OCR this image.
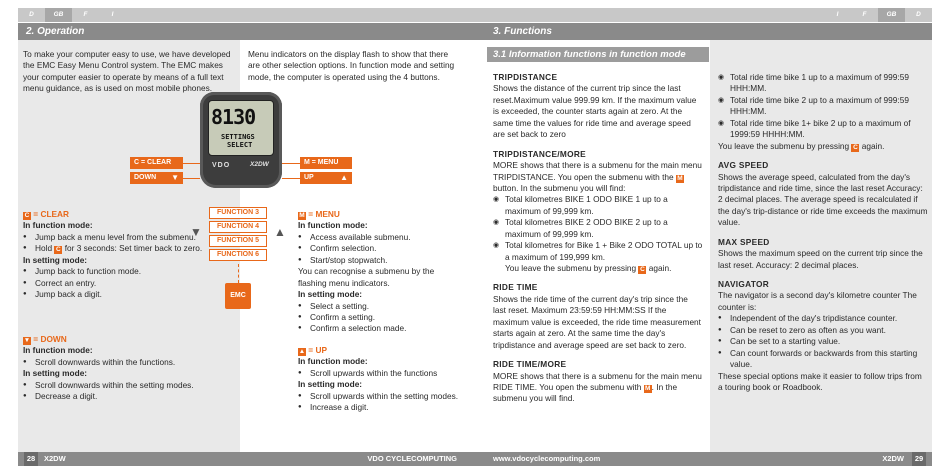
D	GB	F	I
2. Operation
To make your computer easy to use, we have developed the EMC Easy Menu Control system. The EMC makes your computer easier to operate by means of a full text menu guidance, as is used on most mobile phones.
Menu indicators on the display flash to show that there are other selection options. In function mode and setting mode, the computer is operated using the 4 buttons.
8130
SETTINGS
SELECT
VDO	X2DW
C = CLEAR
DOWN ▼
M = MENU
UP	▲
FUNCTION 3
FUNCTION 4
FUNCTION 5
FUNCTION 6
▼	▲
EMC
C = CLEAR
In function mode:
● Jump back a menu level from the submenu.
● Hold C for 3 seconds: Set timer back to zero.
In setting mode:
● Jump back to function mode.
● Correct an entry.
● Jump back a digit.
▼ = DOWN
In function mode:
● Scroll downwards within the functions.
In setting mode:
● Scroll downwards within the setting modes.
● Decrease a digit.
M = MENU
In function mode:
● Access available submenu.
● Confirm selection.
● Start/stop stopwatch.
You can recognise a submenu by the flashing menu indicators.
In setting mode:
● Select a setting.
● Confirm a setting.
● Confirm a selection made.
▲ = UP
In function mode:
● Scroll upwards within the functions
In setting mode:
● Scroll upwards within the setting modes.
● Increase a digit.
28	X2DW	VDO CYCLECOMPUTING
I	F	GB	D
3. Functions
3.1 Information functions in function mode
TRIPDISTANCE
Shows the distance of the current trip since the last reset.Maximum value 999.99 km. If the maximum value is exceeded, the counter starts again at zero. At the same time the values for ride time and average speed are set back to zero
TRIPDISTANCE/MORE
MORE shows that there is a submenu for the main menu TRIPDISTANCE. You open the submenu with the M button. In the submenu you will find:
◉ Total kilometres BIKE 1 ODO BIKE 1 up to a maximum of 99,999 km.
◉ Total kilometres BIKE 2 ODO BIKE 2 up to a maximum of 99,999 km.
◉ Total kilometres for Bike 1 + Bike 2 ODO TOTAL up to a maximum of 199,999 km.
You leave the submenu by pressing C again.
RIDE TIME
Shows the ride time of the current day's trip since the last reset. Maximum 23:59:59 HH:MM:SS If the maximum value is exceeded, the ride time measurement starts again at zero. At the same time the day's tripdistance and average speed are set back to zero.
RIDE TIME/MORE
MORE shows that there is a submenu for the main menu RIDE TIME. You open the submenu with M. In the submenu you will find.
◉ Total ride time bike 1 up to a maximum of 999:59 HHH:MM.
◉ Total ride time bike 2 up to a maximum of 999:59 HHH:MM.
◉ Total ride time bike 1+ bike 2 up to a maximum of 1999:59 HHHH:MM.
You leave the submenu by pressing C again.
AVG SPEED
Shows the average speed, calculated from the day's tripdistance and ride time, since the last reset Accuracy: 2 decimal places. The average speed is recalculated if the day's trip-distance or ride time exceeds the maximum value.
MAX SPEED
Shows the maximum speed on the current trip since the last reset. Accuracy: 2 decimal places.
NAVIGATOR
The navigator is a second day's kilometre counter The counter is:
● Independent of the day's tripdistance counter.
● Can be reset to zero as often as you want.
● Can be set to a starting value.
● Can count forwards or backwards from this starting value.
These special options make it easier to follow trips from a touring book or Roadbook.
www.vdocyclecomputing.com	X2DW	29
